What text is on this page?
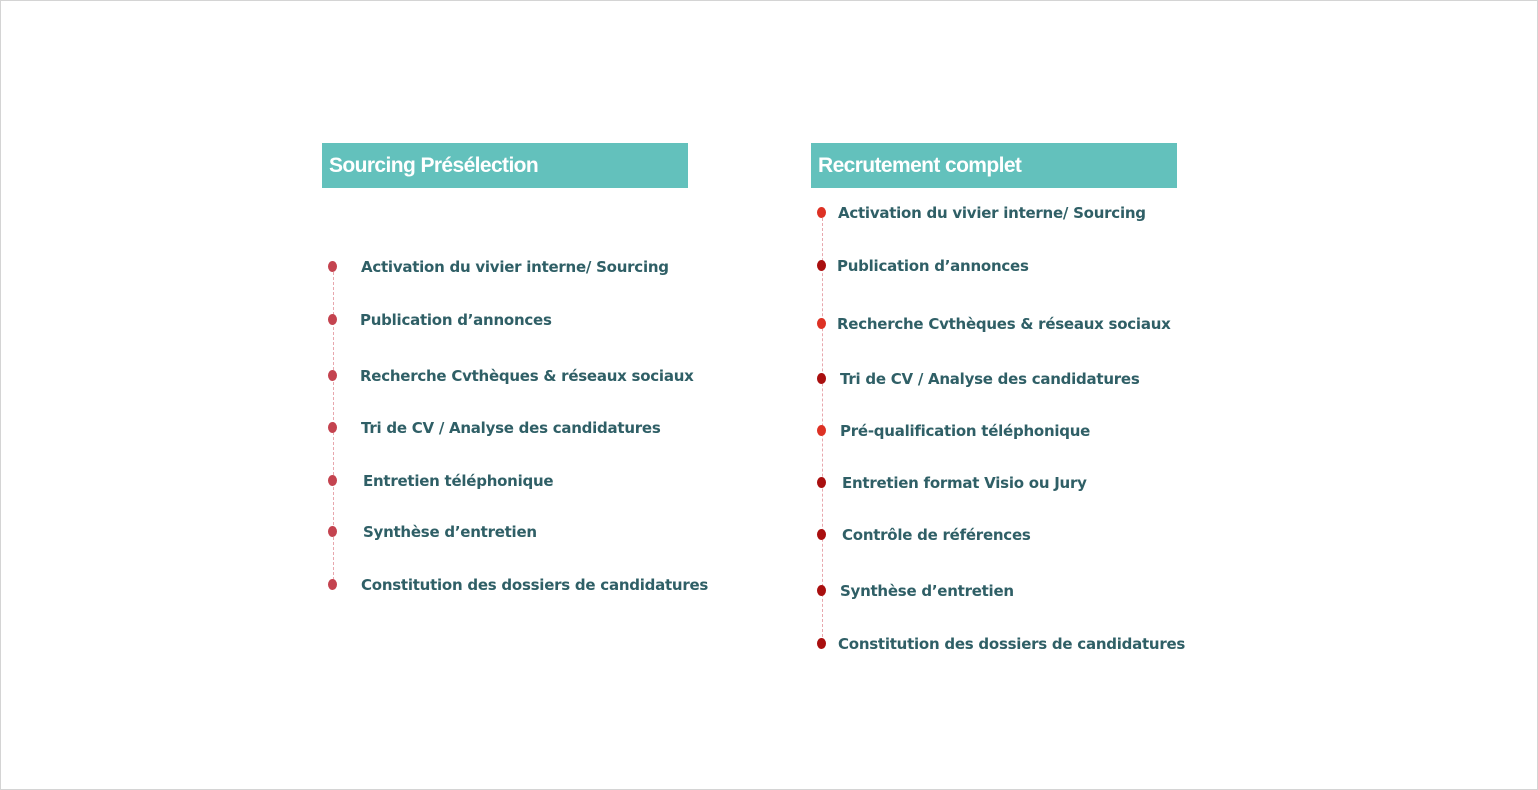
Sourcing Présélection
Activation du vivier interne/ Sourcing
Publication d’annonces
Recherche Cvthèques & réseaux sociaux
Tri de CV / Analyse des candidatures
Entretien téléphonique
Synthèse d’entretien
Constitution des dossiers de candidatures
Recrutement complet
Activation du vivier interne/ Sourcing
Publication d’annonces
Recherche Cvthèques & réseaux sociaux
Tri de CV / Analyse des candidatures
Pré-qualification téléphonique
Entretien format Visio ou Jury
Contrôle de références
Synthèse d’entretien
Constitution des dossiers de candidatures
